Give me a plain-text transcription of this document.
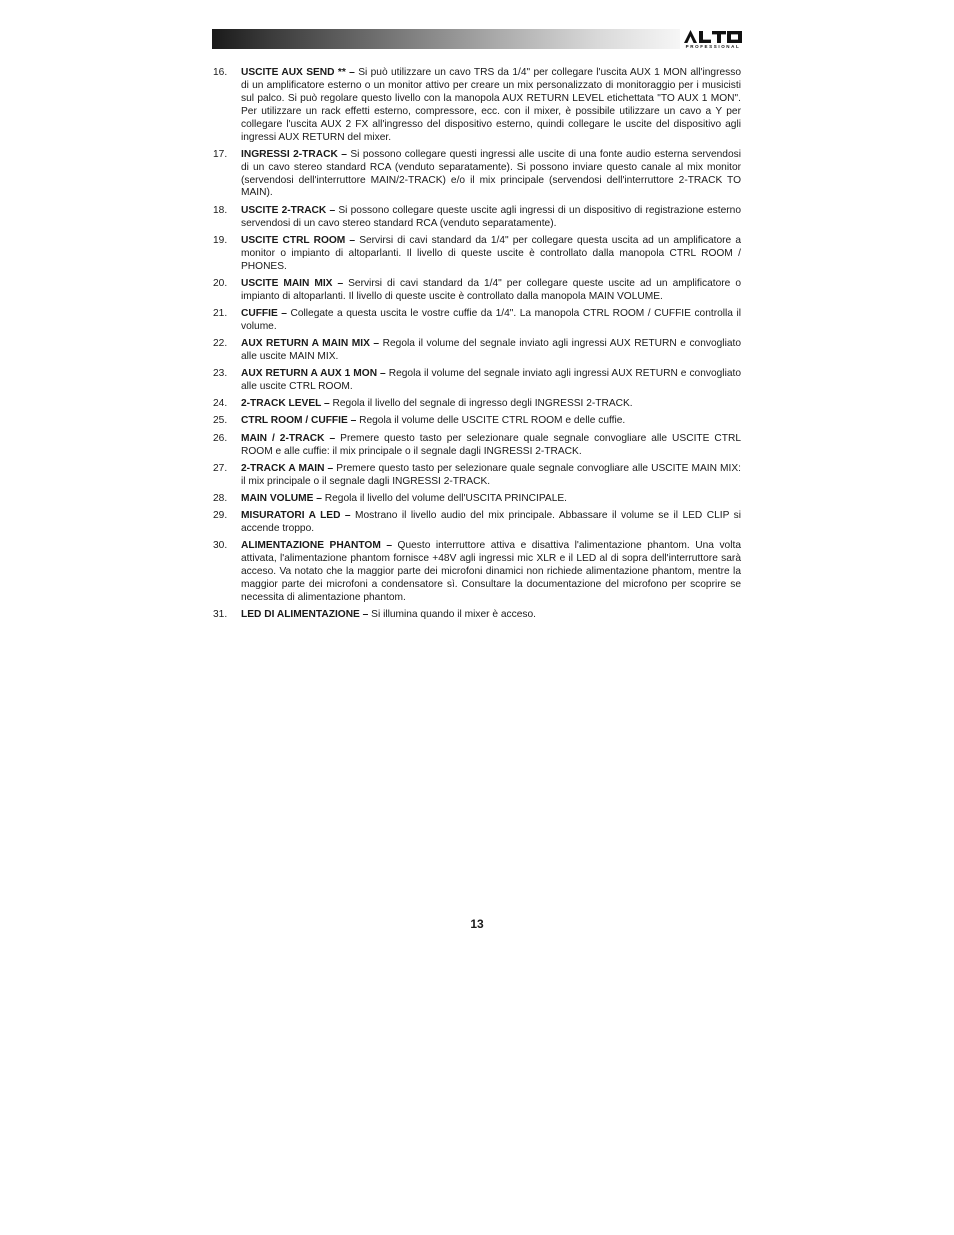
PROFESSIONAL
16.	USCITE AUX SEND ** – Si può utilizzare un cavo TRS da 1/4" per collegare l'uscita AUX 1 MON all'ingresso di un amplificatore esterno o un monitor attivo per creare un mix personalizzato di monitoraggio per i musicisti sul palco. Si può regolare questo livello con la manopola AUX RETURN LEVEL etichettata "TO AUX 1 MON". Per utilizzare un rack effetti esterno, compressore, ecc. con il mixer, è possibile utilizzare un cavo a Y per collegare l'uscita AUX 2 FX all'ingresso del dispositivo esterno, quindi collegare le uscite del dispositivo agli ingressi AUX RETURN del mixer.
17.	INGRESSI 2-TRACK – Si possono collegare questi ingressi alle uscite di una fonte audio esterna servendosi di un cavo stereo standard RCA (venduto separatamente). Si possono inviare questo canale al mix monitor (servendosi dell'interruttore MAIN/2-TRACK) e/o il mix principale (servendosi dell'interruttore 2-TRACK TO MAIN).
18.	USCITE 2-TRACK – Si possono collegare queste uscite agli ingressi di un dispositivo di registrazione esterno servendosi di un cavo stereo standard RCA (venduto separatamente).
19.	USCITE CTRL ROOM – Servirsi di cavi standard da 1/4" per collegare questa uscita ad un amplificatore a monitor o impianto di altoparlanti. Il livello di queste uscite è controllato dalla manopola CTRL ROOM / PHONES.
20.	USCITE MAIN MIX – Servirsi di cavi standard da 1/4" per collegare queste uscite ad un amplificatore o impianto di altoparlanti. Il livello di queste uscite è controllato dalla manopola MAIN VOLUME.
21.	CUFFIE – Collegate a questa uscita le vostre cuffie da 1/4". La manopola CTRL ROOM / CUFFIE controlla il volume.
22.	AUX RETURN A MAIN MIX – Regola il volume del segnale inviato agli ingressi AUX RETURN e convogliato alle uscite MAIN MIX.
23.	AUX RETURN A AUX 1 MON – Regola il volume del segnale inviato agli ingressi AUX RETURN e convogliato alle uscite CTRL ROOM.
24.	2-TRACK LEVEL – Regola il livello del segnale di ingresso degli INGRESSI 2-TRACK.
25.	CTRL ROOM / CUFFIE – Regola il volume delle USCITE CTRL ROOM e delle cuffie.
26.	MAIN / 2-TRACK – Premere questo tasto per selezionare quale segnale convogliare alle USCITE CTRL ROOM e alle cuffie: il mix principale o il segnale dagli INGRESSI 2-TRACK.
27.	2-TRACK A MAIN – Premere questo tasto per selezionare quale segnale convogliare alle USCITE MAIN MIX: il mix principale o il segnale dagli INGRESSI 2-TRACK.
28.	MAIN VOLUME – Regola il livello del volume dell'USCITA PRINCIPALE.
29.	MISURATORI A LED – Mostrano il livello audio del mix principale. Abbassare il volume se il LED CLIP si accende troppo.
30.	ALIMENTAZIONE PHANTOM – Questo interruttore attiva e disattiva l'alimentazione phantom. Una volta attivata, l'alimentazione phantom fornisce +48V agli ingressi mic XLR e il LED al di sopra dell'interruttore sarà acceso. Va notato che la maggior parte dei microfoni dinamici non richiede alimentazione phantom, mentre la maggior parte dei microfoni a condensatore sì. Consultare la documentazione del microfono per scoprire se necessita di alimentazione phantom.
31.	LED DI ALIMENTAZIONE – Si illumina quando il mixer è acceso.
13
